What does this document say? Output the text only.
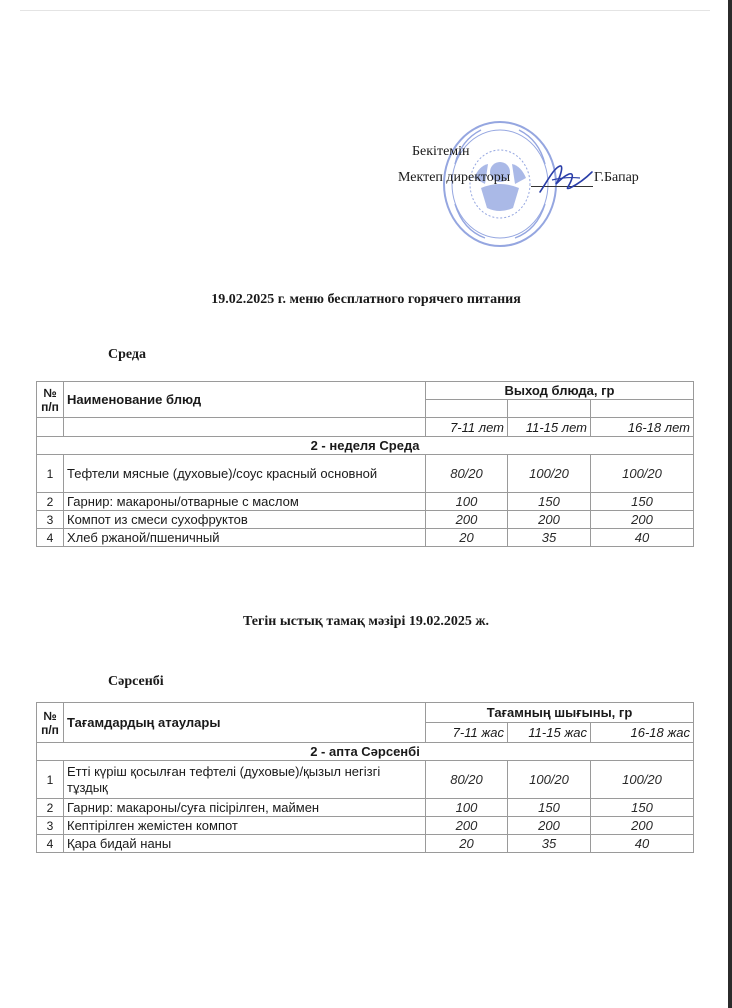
Бекітемін
Мектеп директоры	Г.Бапар
19.02.2025 г. меню бесплатного горячего питания
Среда
№ п/п	Наименование блюд	Выход блюда, гр		

		7-11 лет	11-15 лет	16-18 лет
2 - неделя Среда				
1	Тефтели мясные (духовые)/соус красный основной	80/20	100/20	100/20
2	Гарнир: макароны/отварные с маслом	100	150	150
3	Компот из смеси сухофруктов	200	200	200
4	Хлеб ржаной/пшеничный	20	35	40
Тегін ыстық тамақ мәзірі 19.02.2025 ж.
Сәрсенбі
№ п/п	Тағамдардың атаулары	Тағамның шығыны, гр		
		7-11 жас	11-15 жас	16-18 жас
2 - апта Сәрсенбі				
1	Етті күріш қосылған тефтелі (духовые)/қызыл негізгі тұздық	80/20	100/20	100/20
2	Гарнир: макароны/суға пісірілген, маймен	100	150	150
3	Кептірілген жемістен компот	200	200	200
4	Қара бидай наны	20	35	40
